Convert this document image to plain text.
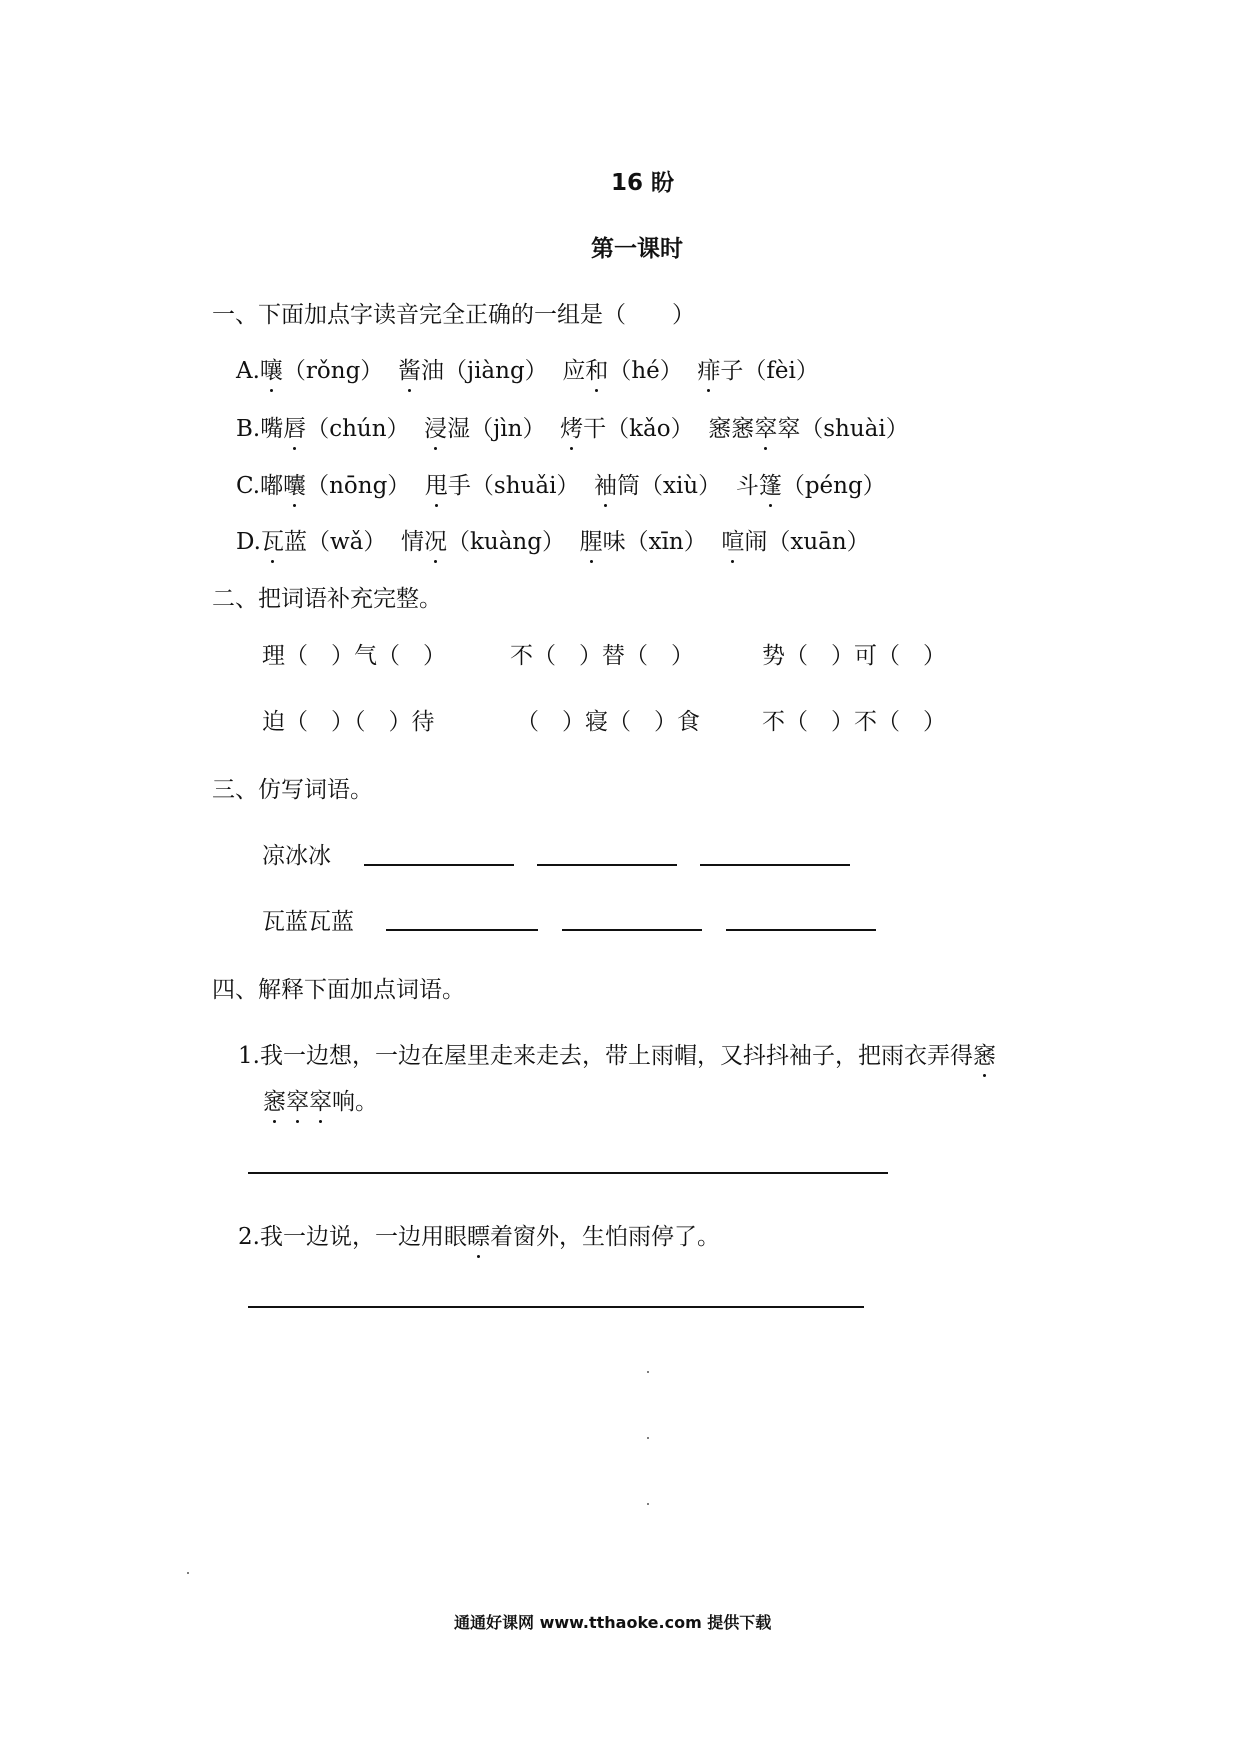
16 盼
第一课时
一、下面加点字读音完全正确的一组是（　　）
A.嚷（rǒng） 酱油（jiàng） 应和（hé） 痱子（fèi）
B.嘴唇（chún） 浸湿（jìn） 烤干（kǎo） 窸窸窣窣（shuài）
C.嘟囔（nōng） 甩手（shuǎi） 袖筒（xiù） 斗篷（péng）
D.瓦蓝（wǎ） 情况（kuàng） 腥味（xīn） 喧闹（xuān）
二、把词语补充完整。
理（　）气（　）	不（　）替（　）	势（　）可（　）
迫（　）（　）待	（　）寝（　）食	不（　）不（　）
三、仿写词语。
凉冰冰
瓦蓝瓦蓝
四、解释下面加点词语。
1.我一边想，一边在屋里走来走去，带上雨帽，又抖抖袖子，把雨衣弄得窸
窸窣窣响。
2.我一边说，一边用眼瞟着窗外，生怕雨停了。
通通好课网 www.tthaoke.com 提供下载
